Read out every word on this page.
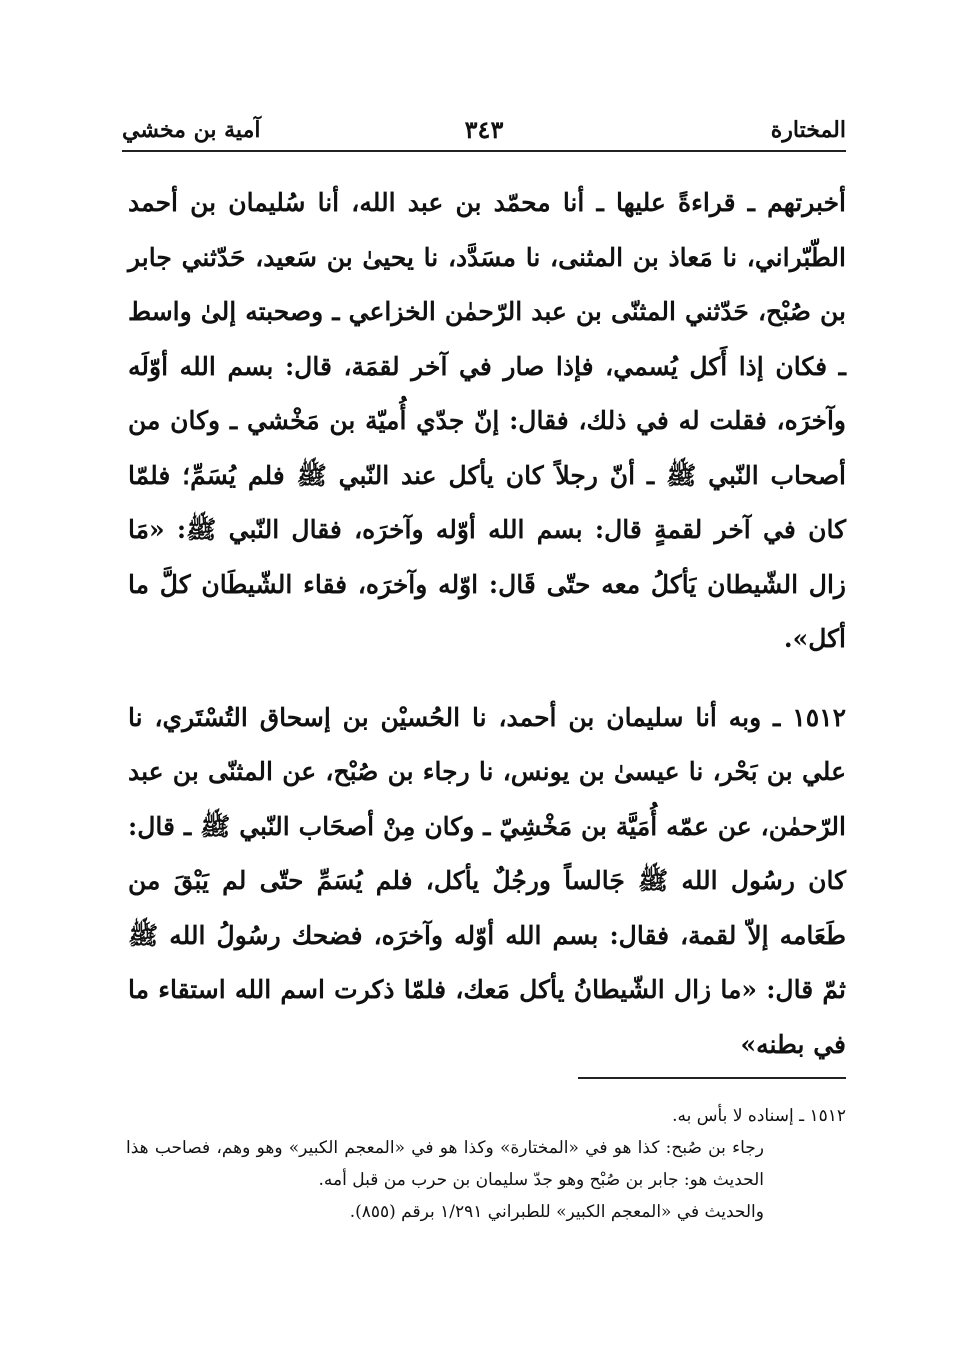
المختارة
٣٤٣
آمية بن مخشي

أخبرتهم ـ قراءةً عليها ـ أنا محمّد بن عبد الله، أنا سُليمان بن أحمد الطّبّراني، نا مَعاذ بن المثنى، نا مسَدَّد، نا يحيىٰ بن سَعيد، حَدّثني جابر بن صُبْح، حَدّثني المثنّى بن عبد الرّحمٰن الخزاعي ـ وصحبته إلىٰ واسط ـ فكان إذا أَكل يُسمي، فإذا صار في آخر لقمَة، قال: بسم الله أوّلَه وآخرَه، فقلت له في ذلك، فقال: إنّ جدّي أُميّة بن مَخْشي ـ وكان من أصحاب النّبي ﷺ ـ أنّ رجلاً كان يأكل عند النّبي ﷺ فلم يُسَمِّ؛ فلمّا كان في آخر لقمةٍ قال: بسم الله أوّله وآخرَه، فقال النّبي ﷺ: «مَا زال الشّيطان يَأكلُ معه حتّى قَال: اوّله وآخرَه، فقاء الشّيطَان كلَّ ما أكل».

١٥١٢ ـ وبه أنا سليمان بن أحمد، نا الحُسيْن بن إسحاق التُسْتَري، نا علي بن بَحْر، نا عيسىٰ بن يونس، نا رجاء بن صُبْح، عن المثنّى بن عبد الرّحمٰن، عن عمّه أُمَيَّة بن مَخْشِيّ ـ وكان مِنْ أصحَاب النّبي ﷺ ـ قال: كان رسُول الله ﷺ جَالساً ورجُلٌ يأكل، فلم يُسَمِّ حتّى لم يَبْقَ من طَعَامه إلاّ لقمة، فقال: بسم الله أوّله وآخرَه، فضحك رسُولُ الله ﷺ ثمّ قال: «ما زال الشّيطانُ يأكل مَعك، فلمّا ذكرت اسم الله استقاء ما في بطنه»

١٥١٢ ـ إسناده لا بأس به.

رجاء بن صُبح: كذا هو في «المختارة» وكذا هو في «المعجم الكبير» وهو وهم، فصاحب هذا الحديث هو: جابر بن صُبْح وهو جدّ سليمان بن حرب من قبل أمه.

والحديث في «المعجم الكبير» للطبراني ١/٢٩١ برقم (٨٥٥).
